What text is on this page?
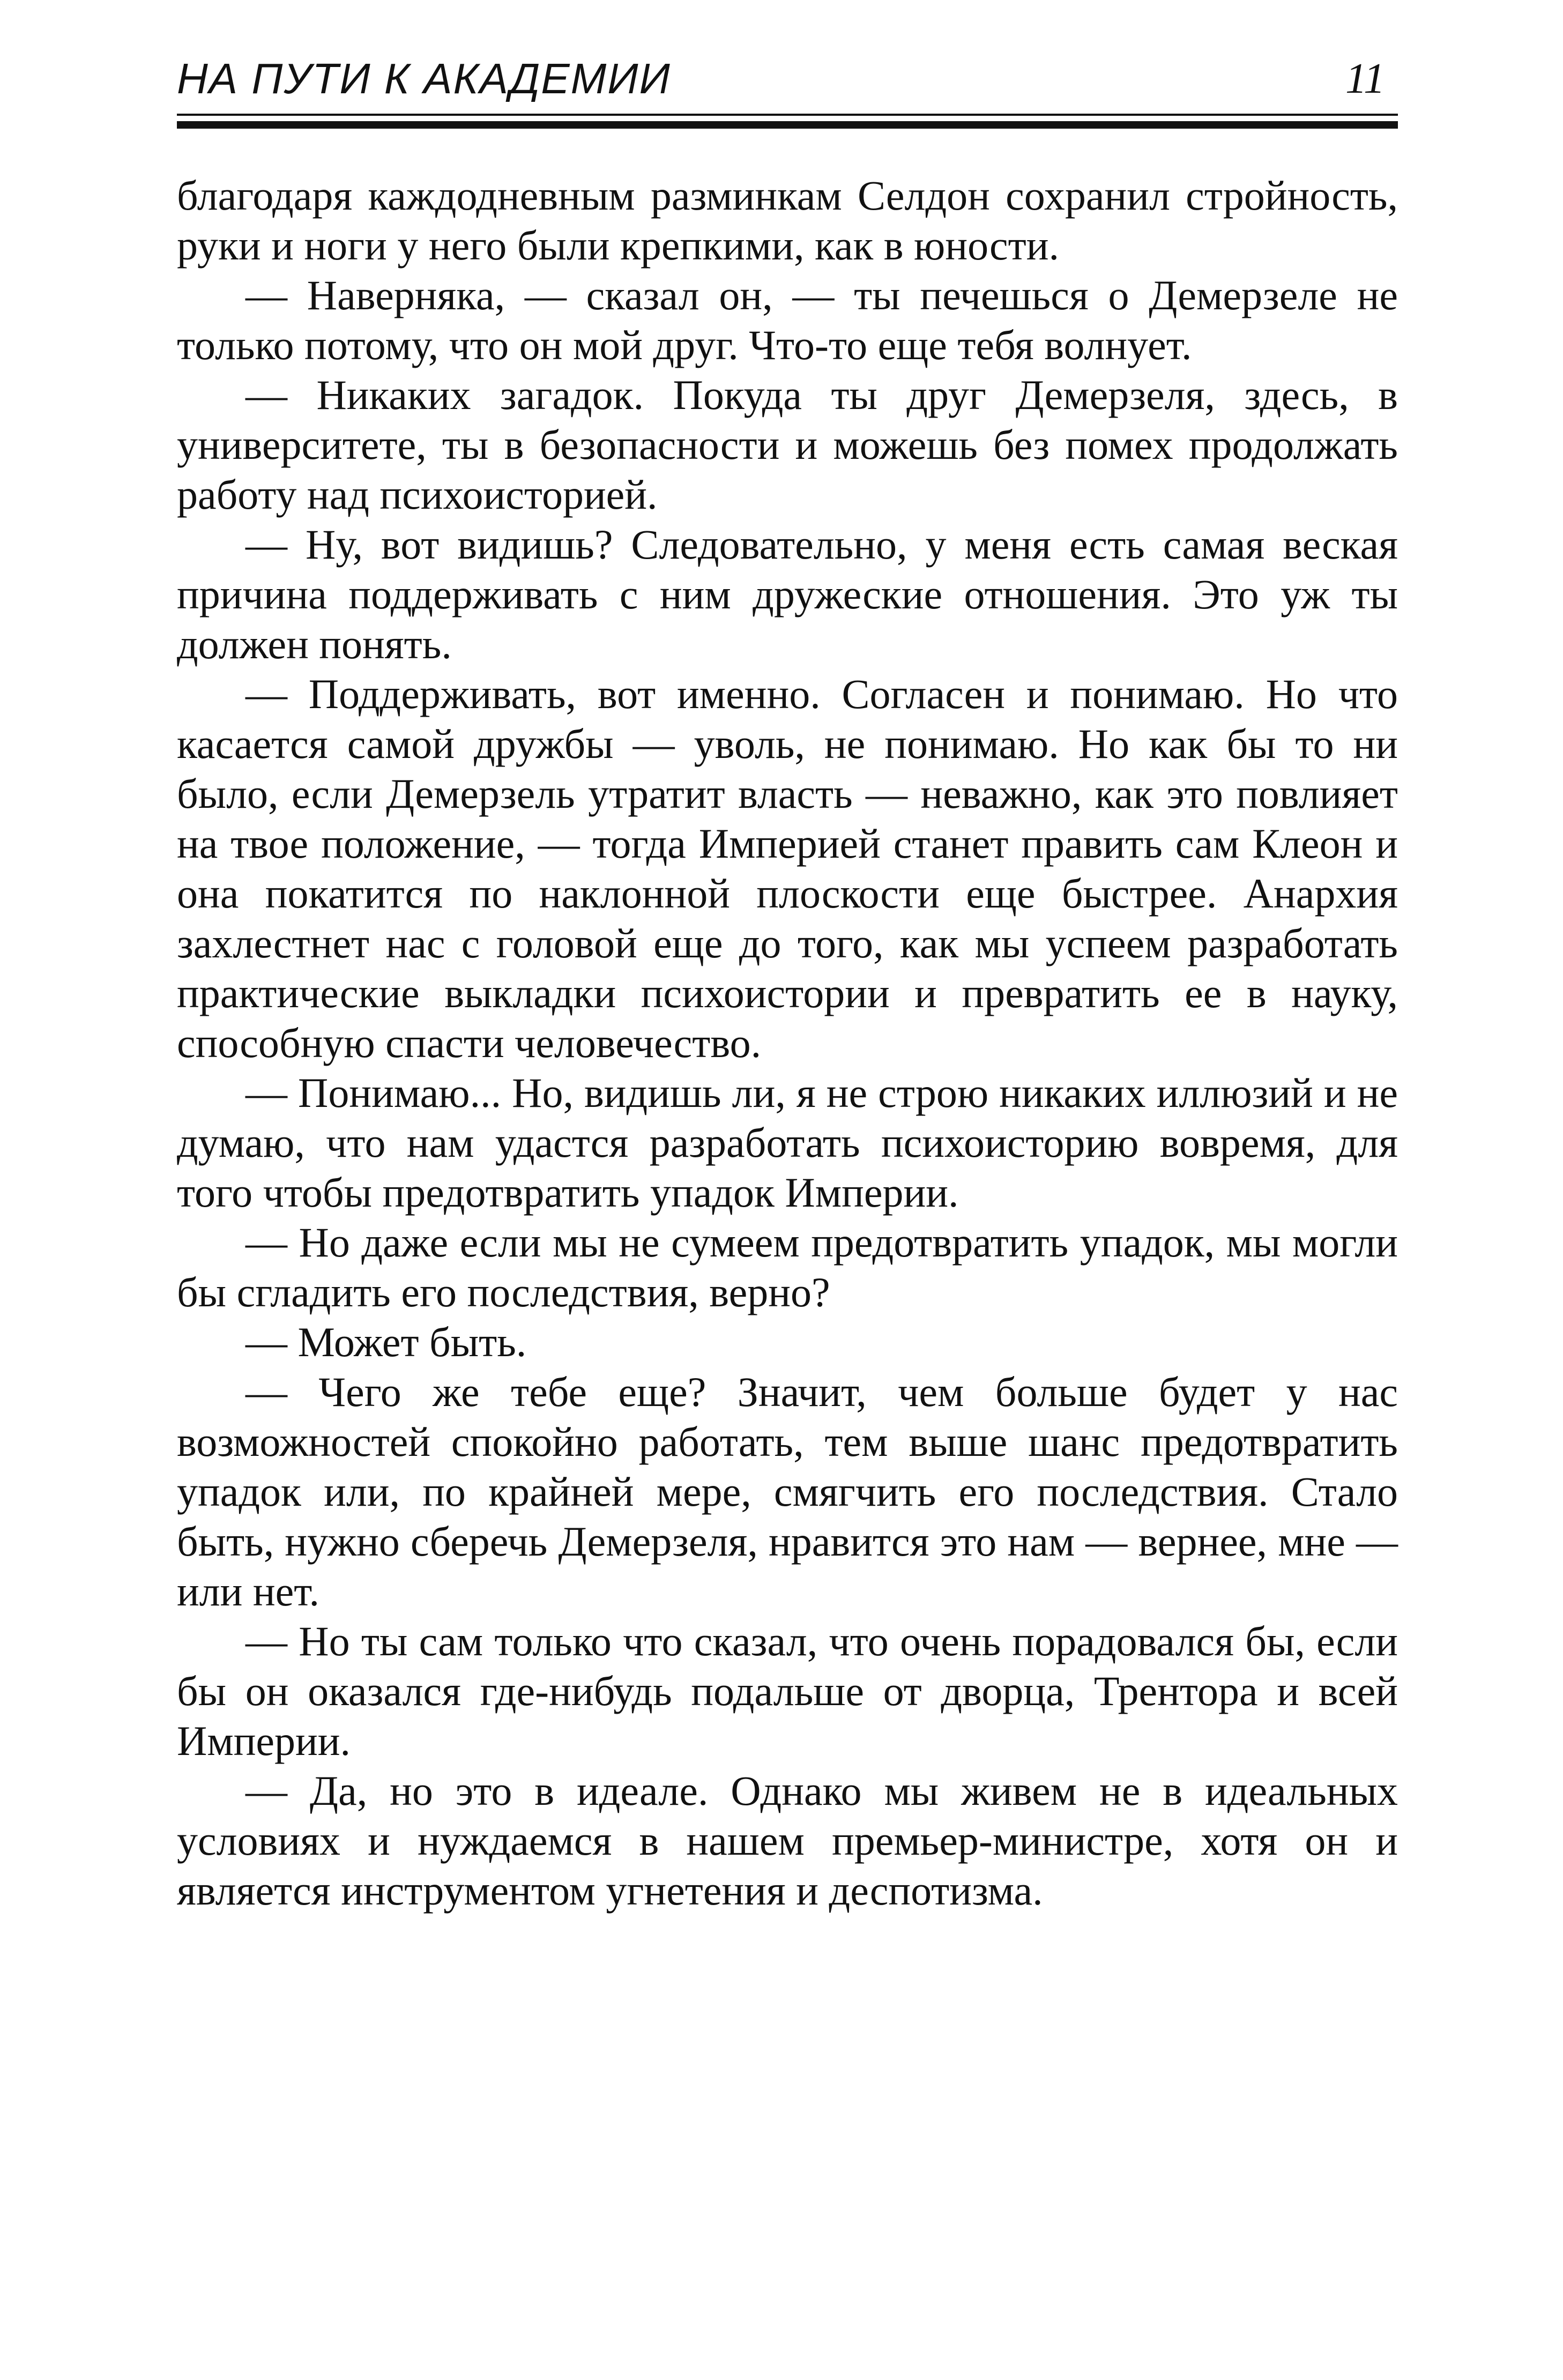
НА ПУТИ К АКАДЕМИИ	11

благодаря каждодневным разминкам Селдон сохранил стройность, руки и ноги у него были крепкими, как в юности.

— Наверняка, — сказал он, — ты печешься о Демерзеле не только потому, что он мой друг. Что-то еще тебя волнует.

— Никаких загадок. Покуда ты друг Демерзеля, здесь, в университете, ты в безопасности и можешь без помех продолжать работу над психоисторией.

— Ну, вот видишь? Следовательно, у меня есть самая веская причина поддерживать с ним дружеские отношения. Это уж ты должен понять.

— Поддерживать, вот именно. Согласен и понимаю. Но что касается самой дружбы — уволь, не понимаю. Но как бы то ни было, если Демерзель утратит власть — неважно, как это повлияет на твое положение, — тогда Империей станет править сам Клеон и она покатится по наклонной плоскости еще быстрее. Анархия захлестнет нас с головой еще до того, как мы успеем разработать практические выкладки психоистории и превратить ее в науку, способную спасти человечество.

— Понимаю... Но, видишь ли, я не строю никаких иллюзий и не думаю, что нам удастся разработать психоисторию вовремя, для того чтобы предотвратить упадок Империи.

— Но даже если мы не сумеем предотвратить упадок, мы могли бы сгладить его последствия, верно?

— Может быть.

— Чего же тебе еще? Значит, чем больше будет у нас возможностей спокойно работать, тем выше шанс предотвратить упадок или, по крайней мере, смягчить его последствия. Стало быть, нужно сберечь Демерзеля, нравится это нам — вернее, мне — или нет.

— Но ты сам только что сказал, что очень порадовался бы, если бы он оказался где-нибудь подальше от дворца, Трентора и всей Империи.

— Да, но это в идеале. Однако мы живем не в идеальных условиях и нуждаемся в нашем премьер-министре, хотя он и является инструментом угнетения и деспотизма.
